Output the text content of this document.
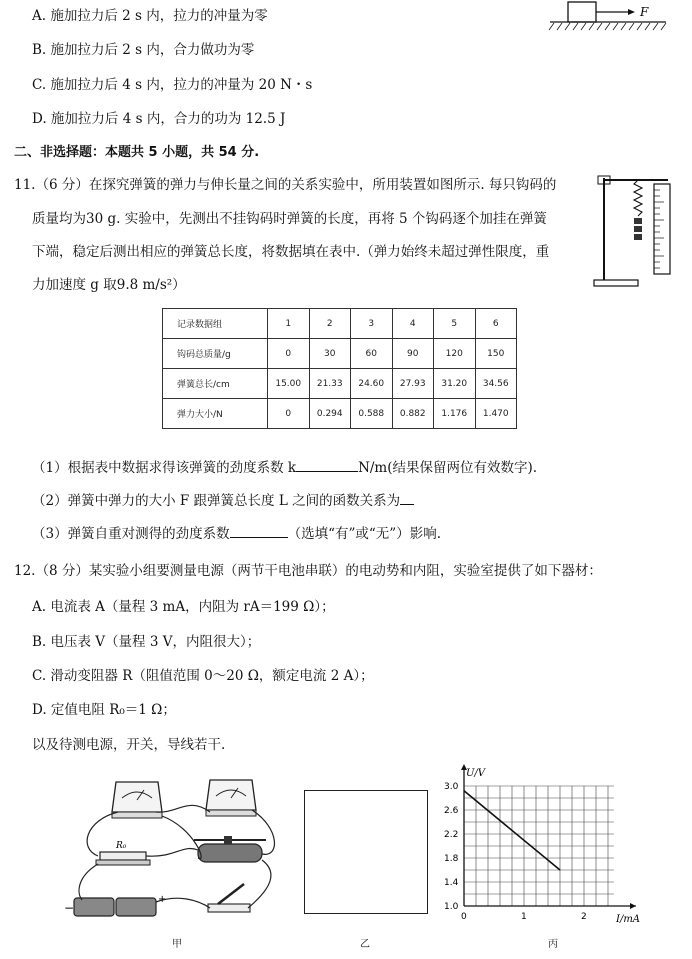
F
A. 施加拉力后 2 s 内，拉力的冲量为零
B. 施加拉力后 2 s 内，合力做功为零
C. 施加拉力后 4 s 内，拉力的冲量为 20 N・s
D. 施加拉力后 4 s 内，合力的功为 12.5 J
二、非选择题：本题共 5 小题，共 54 分.
11.（6 分）在探究弹簧的弹力与伸长量之间的关系实验中，所用装置如图所示. 每只钩码的
质量均为30 g. 实验中，先测出不挂钩码时弹簧的长度，再将 5 个钩码逐个加挂在弹簧
下端，稳定后测出相应的弹簧总长度，将数据填在表中.（弹力始终未超过弹性限度，重
力加速度 g 取9.8 m/s²）
记录数据组	1	2	3	4	5	6
钩码总质量/g	0	30	60	90	120	150
弹簧总长/cm	15.00	21.33	24.60	27.93	31.20	34.56
弹力大小/N	0	0.294	0.588	0.882	1.176	1.470
（1）根据表中数据求得该弹簧的劲度系数 k	N/m(结果保留两位有效数字).
（2）弹簧中弹力的大小 F 跟弹簧总长度 L 之间的函数关系为
（3）弹簧自重对测得的劲度系数	（选填“有”或“无”）影响.
12.（8 分）某实验小组要测量电源（两节干电池串联）的电动势和内阻，实验室提供了如下器材：
A. 电流表 A（量程 3 mA，内阻为 rA＝199 Ω）；
B. 电压表 V（量程 3 V，内阻很大）；
C. 滑动变阻器 R（阻值范围 0～20 Ω，额定电流 2 A）；
D. 定值电阻 R₀＝1 Ω；
以及待测电源，开关，导线若干.
R₀
−
+
甲	乙
1.0
1.4
1.8
2.2
2.6
3.0
0	1	2
U/V
I/mA
丙
